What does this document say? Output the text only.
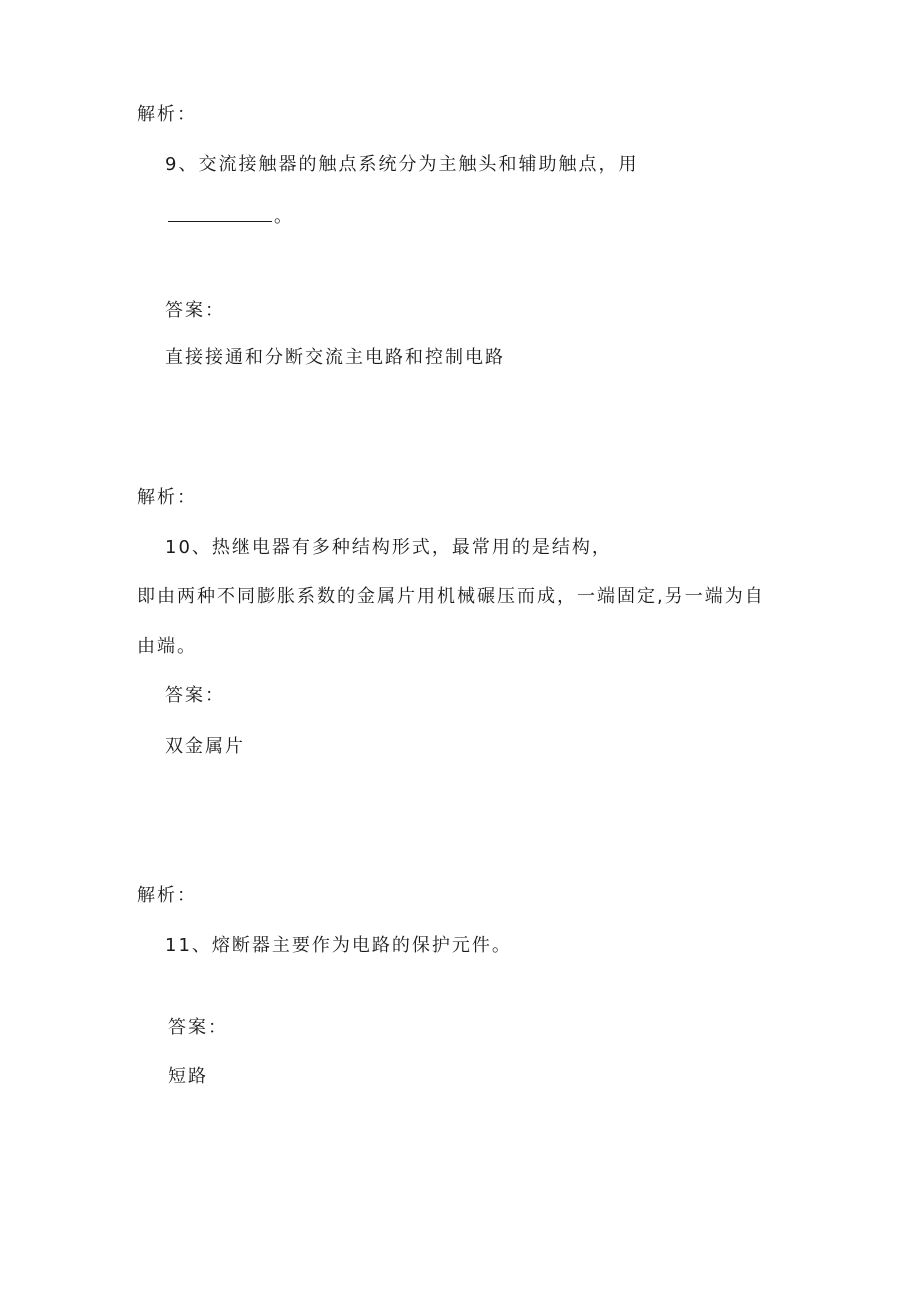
解析：
9、交流接触器的触点系统分为主触头和辅助触点，用
。
答案：
直接接通和分断交流主电路和控制电路
解析：
10、热继电器有多种结构形式，最常用的是结构，
即由两种不同膨胀系数的金属片用机械碾压而成，一端固定,另一端为自
由端。
答案：
双金属片
解析：
11、熔断器主要作为电路的保护元件。
答案：
短路
